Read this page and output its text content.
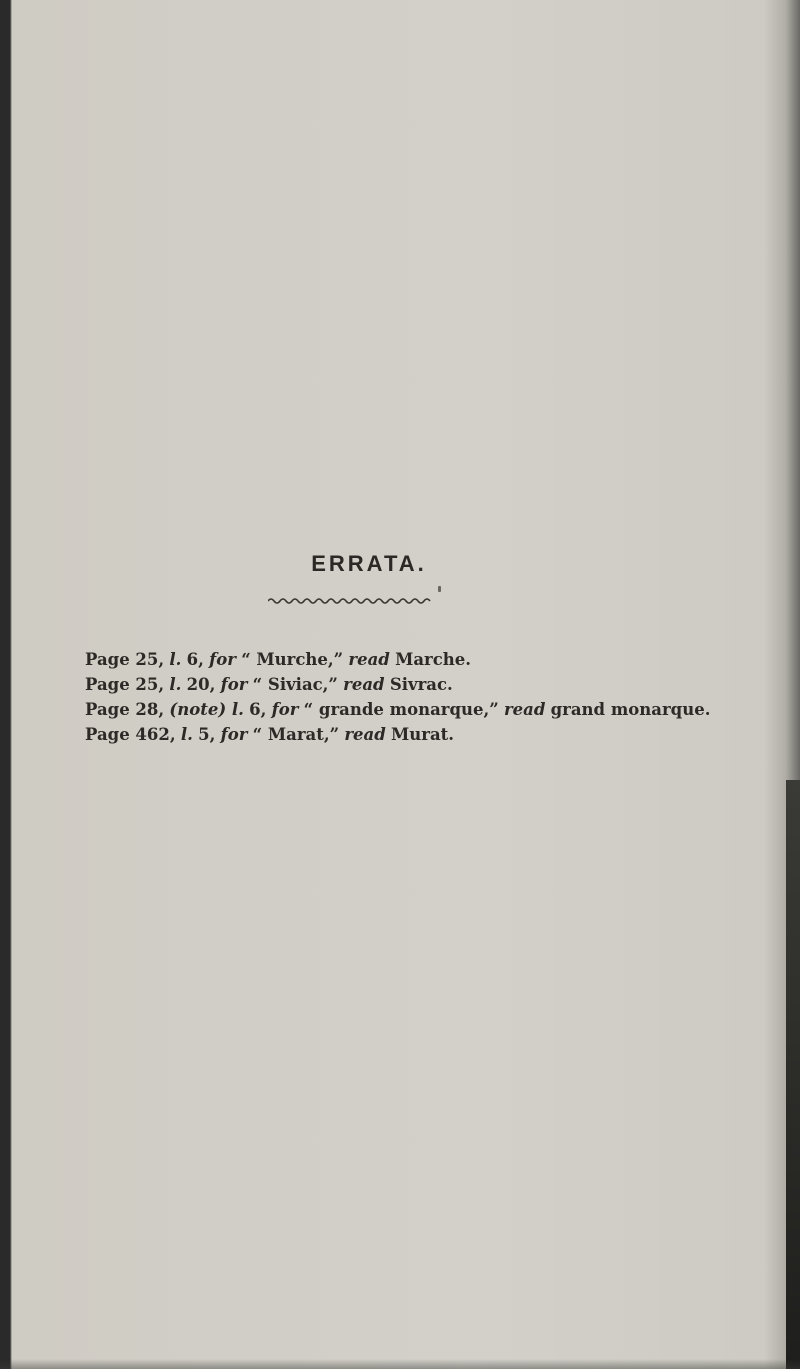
ERRATA.
Page 25, l. 6, for “ Murche,” read Marche.
Page 25, l. 20, for “ Siviac,” read Sivrac.
Page 28, (note) l. 6, for “ grande monarque,” read grand monarque.
Page 462, l. 5, for “ Marat,” read Murat.
